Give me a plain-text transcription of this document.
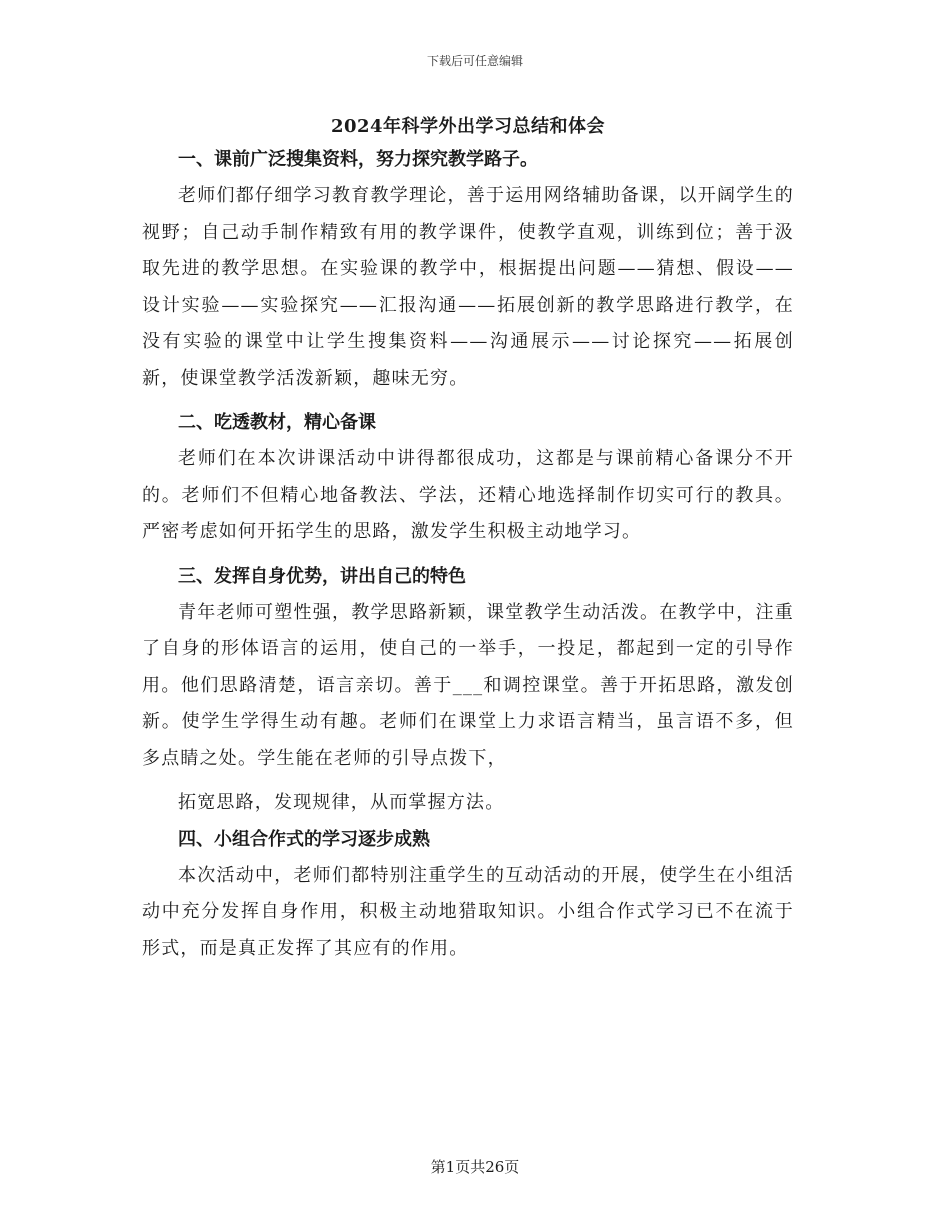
下载后可任意编辑
2024年科学外出学习总结和体会
一、课前广泛搜集资料，努力探究教学路子。

老师们都仔细学习教育教学理论，善于运用网络辅助备课，以开阔学生的视野；自己动手制作精致有用的教学课件，使教学直观，训练到位；善于汲取先进的教学思想。在实验课的教学中，根据提出问题——猜想、假设——设计实验——实验探究——汇报沟通——拓展创新的教学思路进行教学，在没有实验的课堂中让学生搜集资料——沟通展示——讨论探究——拓展创新，使课堂教学活泼新颖，趣味无穷。

二、吃透教材，精心备课

老师们在本次讲课活动中讲得都很成功，这都是与课前精心备课分不开的。老师们不但精心地备教法、学法，还精心地选择制作切实可行的教具。严密考虑如何开拓学生的思路，激发学生积极主动地学习。

三、发挥自身优势，讲出自己的特色

青年老师可塑性强，教学思路新颖，课堂教学生动活泼。在教学中，注重了自身的形体语言的运用，使自己的一举手，一投足，都起到一定的引导作用。他们思路清楚，语言亲切。善于___和调控课堂。善于开拓思路，激发创新。使学生学得生动有趣。老师们在课堂上力求语言精当，虽言语不多，但多点睛之处。学生能在老师的引导点拨下，

拓宽思路，发现规律，从而掌握方法。

四、小组合作式的学习逐步成熟

本次活动中，老师们都特别注重学生的互动活动的开展，使学生在小组活动中充分发挥自身作用，积极主动地猎取知识。小组合作式学习已不在流于形式，而是真正发挥了其应有的作用。

第1页共26页
